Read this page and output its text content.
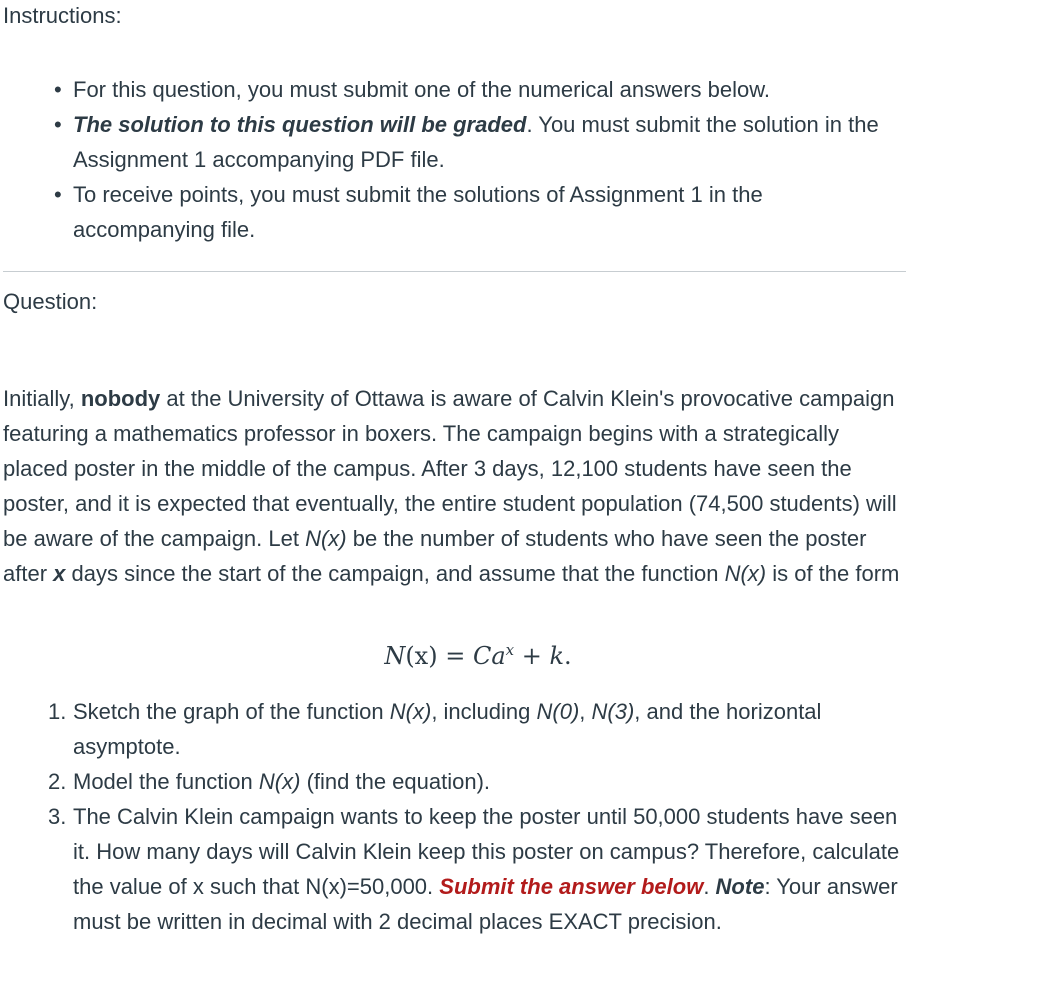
Instructions:
• For this question, you must submit one of the numerical answers below.
• The solution to this question will be graded. You must submit the solution in the Assignment 1 accompanying PDF file.
• To receive points, you must submit the solutions of Assignment 1 in the accompanying file.
Question:

Initially, nobody at the University of Ottawa is aware of Calvin Klein's provocative campaign featuring a mathematics professor in boxers. The campaign begins with a strategically placed poster in the middle of the campus. After 3 days, 12,100 students have seen the poster, and it is expected that eventually, the entire student population (74,500 students) will be aware of the campaign. Let N(x) be the number of students who have seen the poster after x days since the start of the campaign, and assume that the function N(x) is of the form

$N(x) = Ca^x + k$.
1. Sketch the graph of the function N(x), including N(0), N(3), and the horizontal asymptote.
2. Model the function N(x) (find the equation).
3. The Calvin Klein campaign wants to keep the poster until 50,000 students have seen it. How many days will Calvin Klein keep this poster on campus? Therefore, calculate the value of x such that N(x)=50,000. Submit the answer below. Note: Your answer must be written in decimal with 2 decimal places EXACT precision.
